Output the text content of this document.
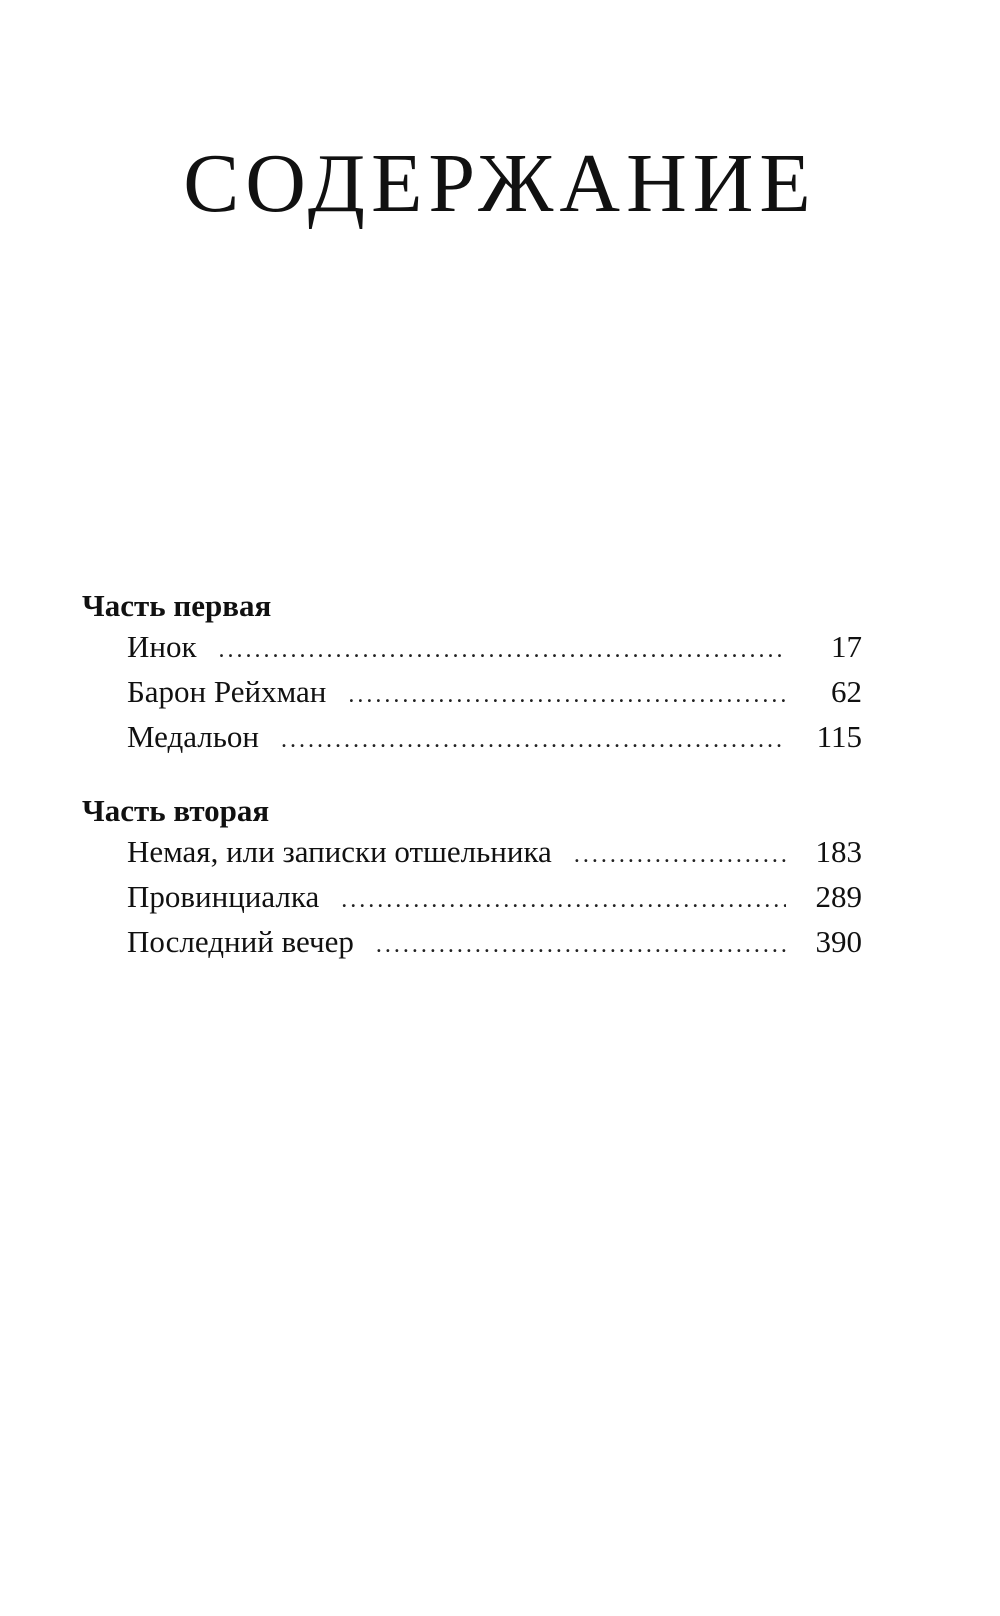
СОДЕРЖАНИЕ
Часть первая
Инок .....	17
Барон Рейхман .....	62
Медальон .....	115
Часть вторая
Немая, или записки отшельника .....	183
Провинциалка .....	289
Последний вечер .....	390
